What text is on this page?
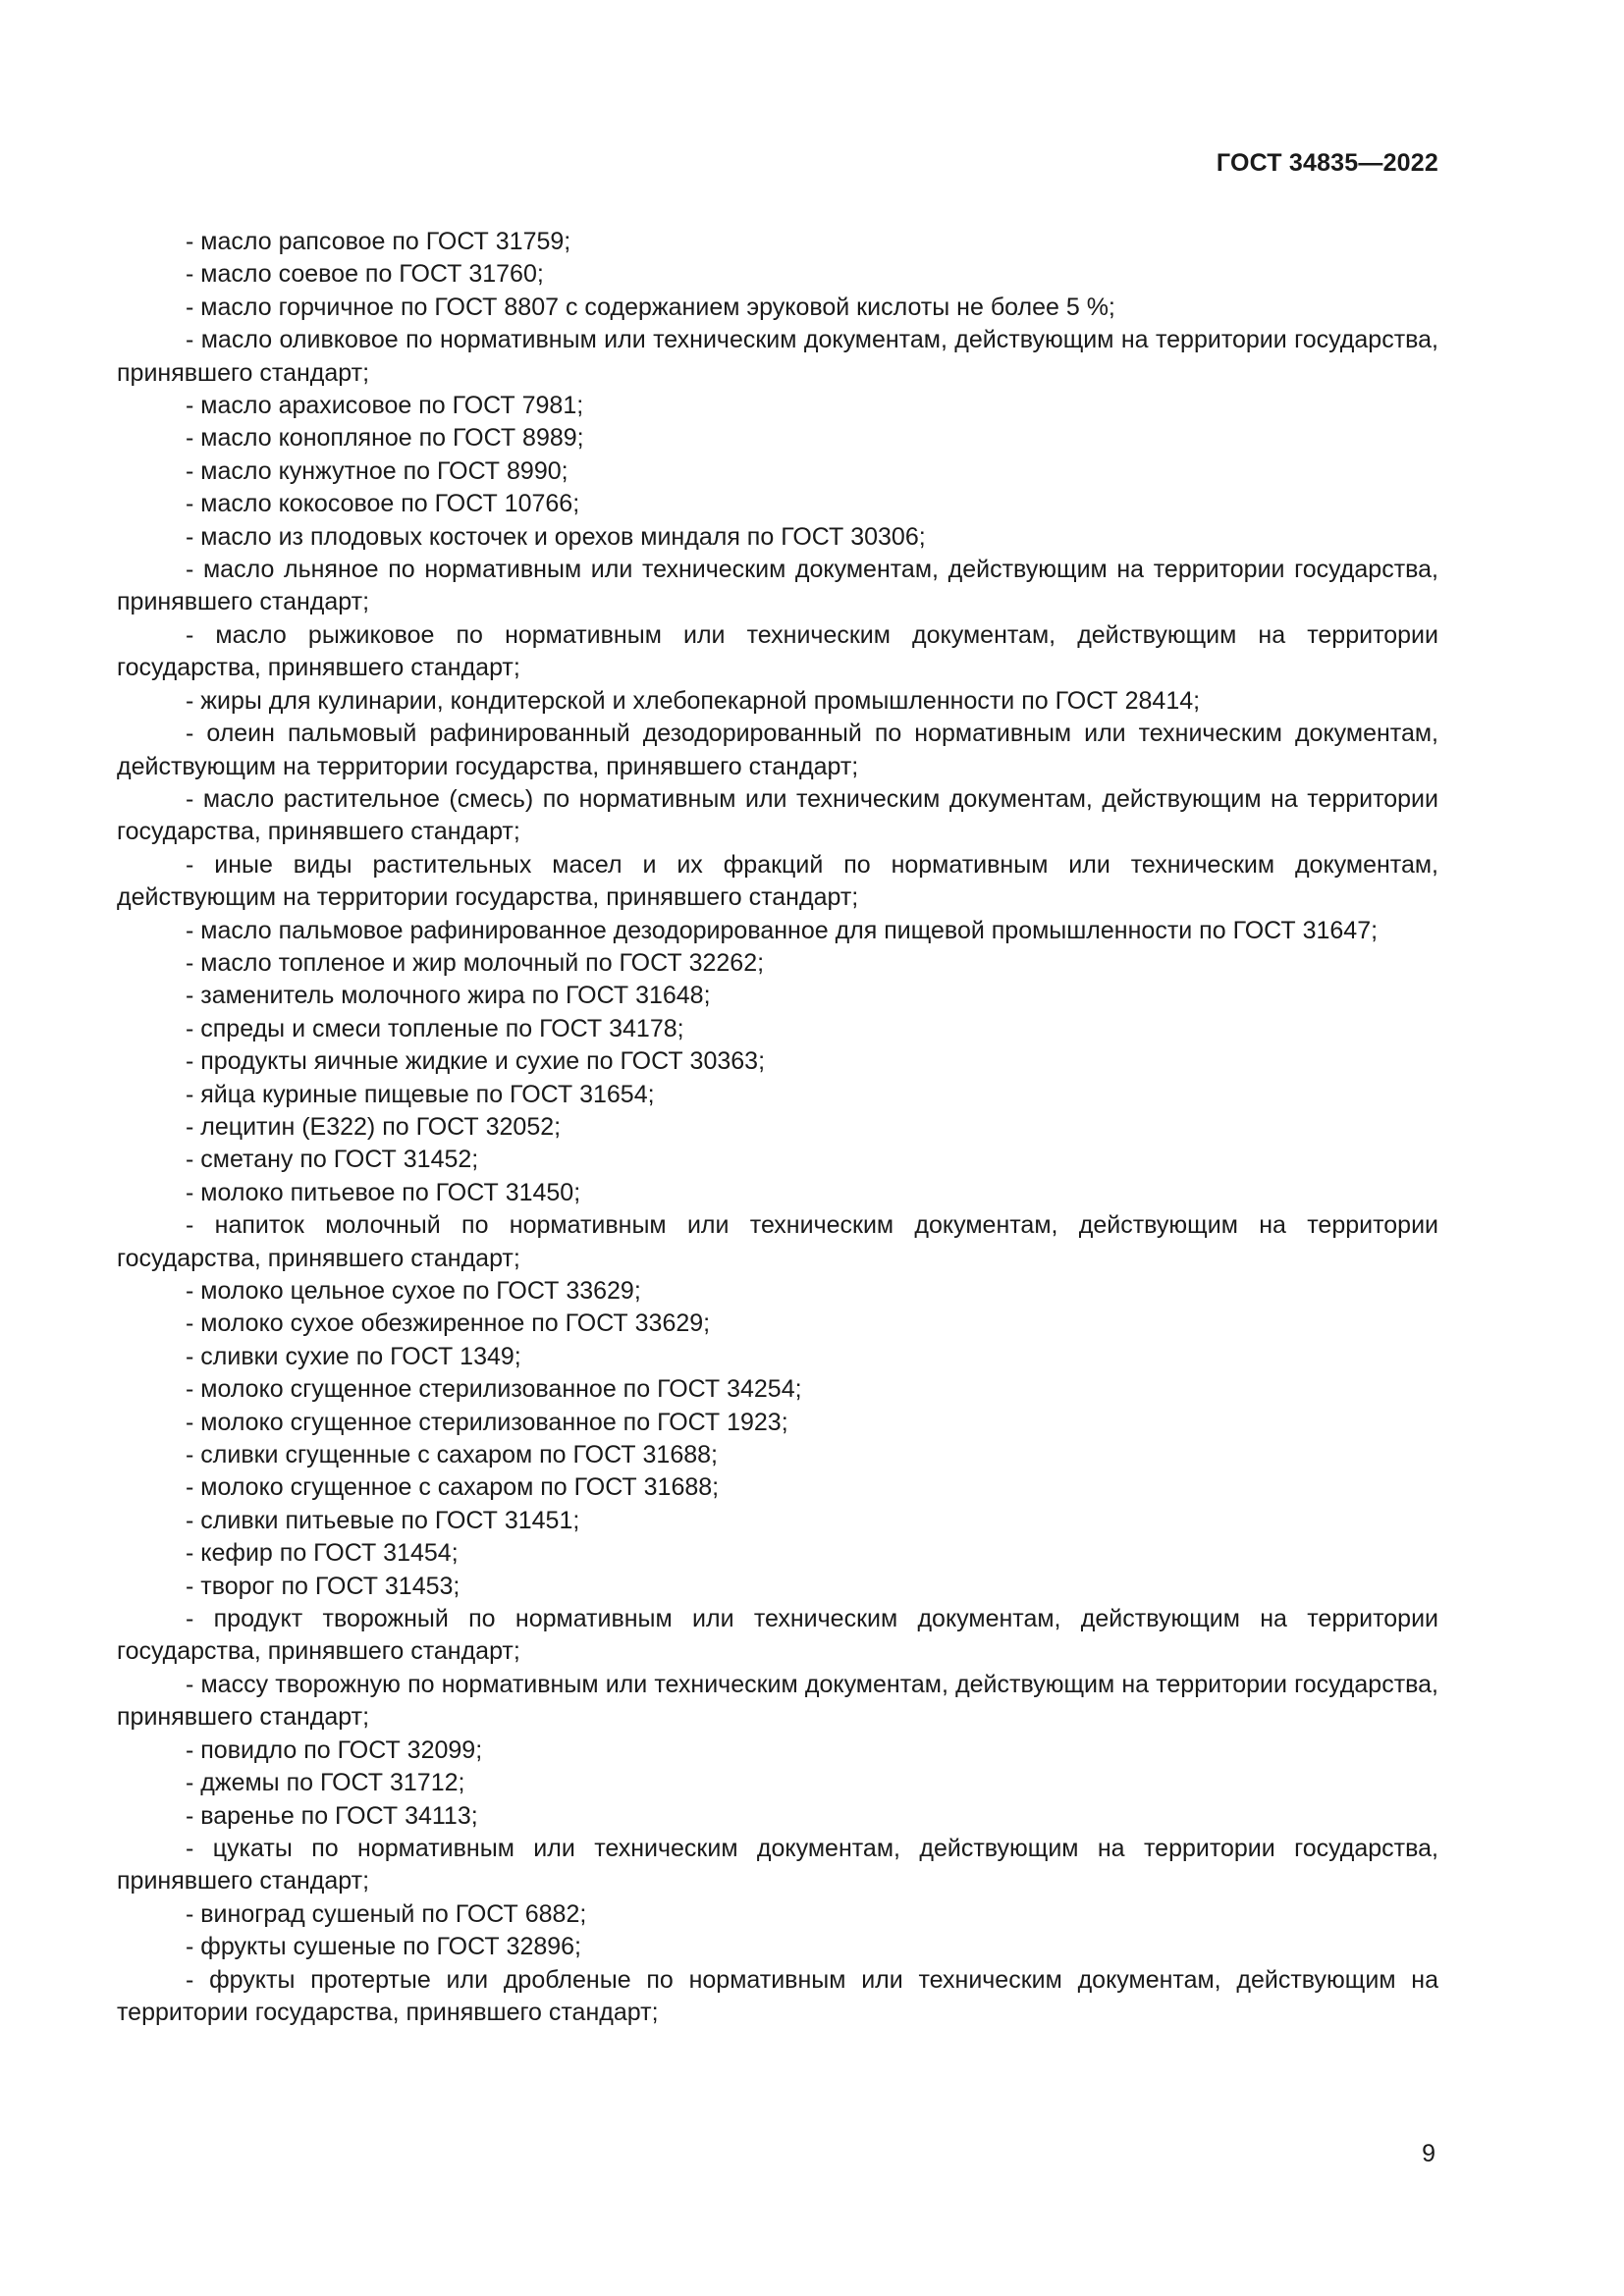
ГОСТ 34835—2022

- масло рапсовое по ГОСТ 31759;

- масло соевое по ГОСТ 31760;

- масло горчичное по ГОСТ 8807 с содержанием эруковой кислоты не более 5 %;

- масло оливковое по нормативным или техническим документам, действующим на территории государства, принявшего стандарт;

- масло арахисовое по ГОСТ 7981;

- масло конопляное по ГОСТ 8989;

- масло кунжутное по ГОСТ 8990;

- масло кокосовое по ГОСТ 10766;

- масло из плодовых косточек и орехов миндаля по ГОСТ 30306;

- масло льняное по нормативным или техническим документам, действующим на территории государства, принявшего стандарт;

- масло рыжиковое по нормативным или техническим документам, действующим на территории государства, принявшего стандарт;

- жиры для кулинарии, кондитерской и хлебопекарной промышленности по ГОСТ 28414;

- олеин пальмовый рафинированный дезодорированный по нормативным или техническим документам, действующим на территории государства, принявшего стандарт;

- масло растительное (смесь) по нормативным или техническим документам, действующим на территории государства, принявшего стандарт;

- иные виды растительных масел и их фракций по нормативным или техническим документам, действующим на территории государства, принявшего стандарт;

- масло пальмовое рафинированное дезодорированное для пищевой промышленности по ГОСТ 31647;

- масло топленое и жир молочный по ГОСТ 32262;

- заменитель молочного жира по ГОСТ 31648;

- спреды и смеси топленые по ГОСТ 34178;

- продукты яичные жидкие и сухие по ГОСТ 30363;

- яйца куриные пищевые по ГОСТ 31654;

- лецитин (Е322) по ГОСТ 32052;

- сметану по ГОСТ 31452;

- молоко питьевое по ГОСТ 31450;

- напиток молочный по нормативным или техническим документам, действующим на территории государства, принявшего стандарт;

- молоко цельное сухое по ГОСТ 33629;

- молоко сухое обезжиренное по ГОСТ 33629;

- сливки сухие по ГОСТ 1349;

- молоко сгущенное стерилизованное по ГОСТ 34254;

- молоко сгущенное стерилизованное по ГОСТ 1923;

- сливки сгущенные с сахаром по ГОСТ 31688;

- молоко сгущенное с сахаром по ГОСТ 31688;

- сливки питьевые по ГОСТ 31451;

- кефир по ГОСТ 31454;

- творог по ГОСТ 31453;

- продукт творожный по нормативным или техническим документам, действующим на территории государства, принявшего стандарт;

- массу творожную по нормативным или техническим документам, действующим на территории государства, принявшего стандарт;

- повидло по ГОСТ 32099;

- джемы по ГОСТ 31712;

- варенье по ГОСТ 34113;

- цукаты по нормативным или техническим документам, действующим на территории государства, принявшего стандарт;

- виноград сушеный по ГОСТ 6882;

- фрукты сушеные по ГОСТ 32896;

- фрукты протертые или дробленые по нормативным или техническим документам, действующим на территории государства, принявшего стандарт;

9
